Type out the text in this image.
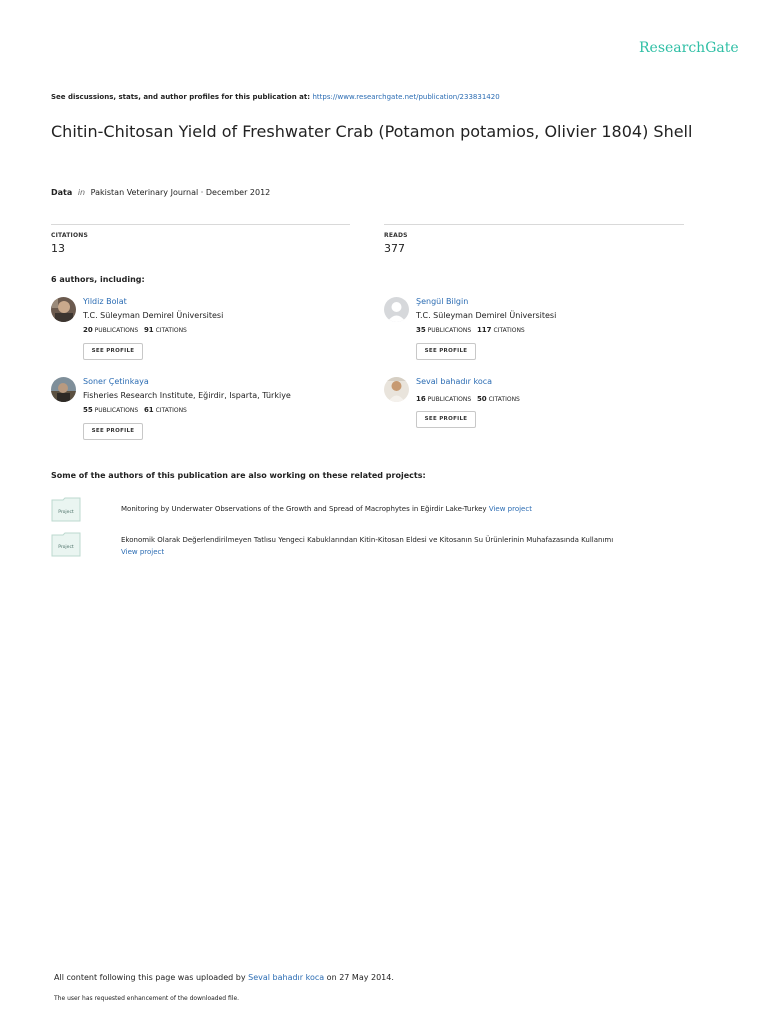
ResearchGate
See discussions, stats, and author profiles for this publication at: https://www.researchgate.net/publication/233831420
Chitin-Chitosan Yield of Freshwater Crab (Potamon potamios, Olivier 1804) Shell
Data in Pakistan Veterinary Journal · December 2012
CITATIONS
13
READS
377
6 authors, including:
Yildiz Bolat
T.C. Süleyman Demirel Üniversitesi
20 PUBLICATIONS 91 CITATIONS
SEE PROFILE
Şengül Bilgin
T.C. Süleyman Demirel Üniversitesi
35 PUBLICATIONS 117 CITATIONS
SEE PROFILE
Soner Çetinkaya
Fisheries Research Institute, Eğirdir, Isparta, Türkiye
55 PUBLICATIONS 61 CITATIONS
SEE PROFILE
Seval bahadır koca
16 PUBLICATIONS 50 CITATIONS
SEE PROFILE
Some of the authors of this publication are also working on these related projects:
Project	Monitoring by Underwater Observations of the Growth and Spread of Macrophytes in Eğirdir Lake-Turkey View project
Project
Ekonomik Olarak Değerlendirilmeyen Tatlısu Yengeci Kabuklarından Kitin-Kitosan Eldesi ve Kitosanın Su Ürünlerinin Muhafazasında Kullanımı
View project
All content following this page was uploaded by Seval bahadır koca on 27 May 2014.
The user has requested enhancement of the downloaded file.
